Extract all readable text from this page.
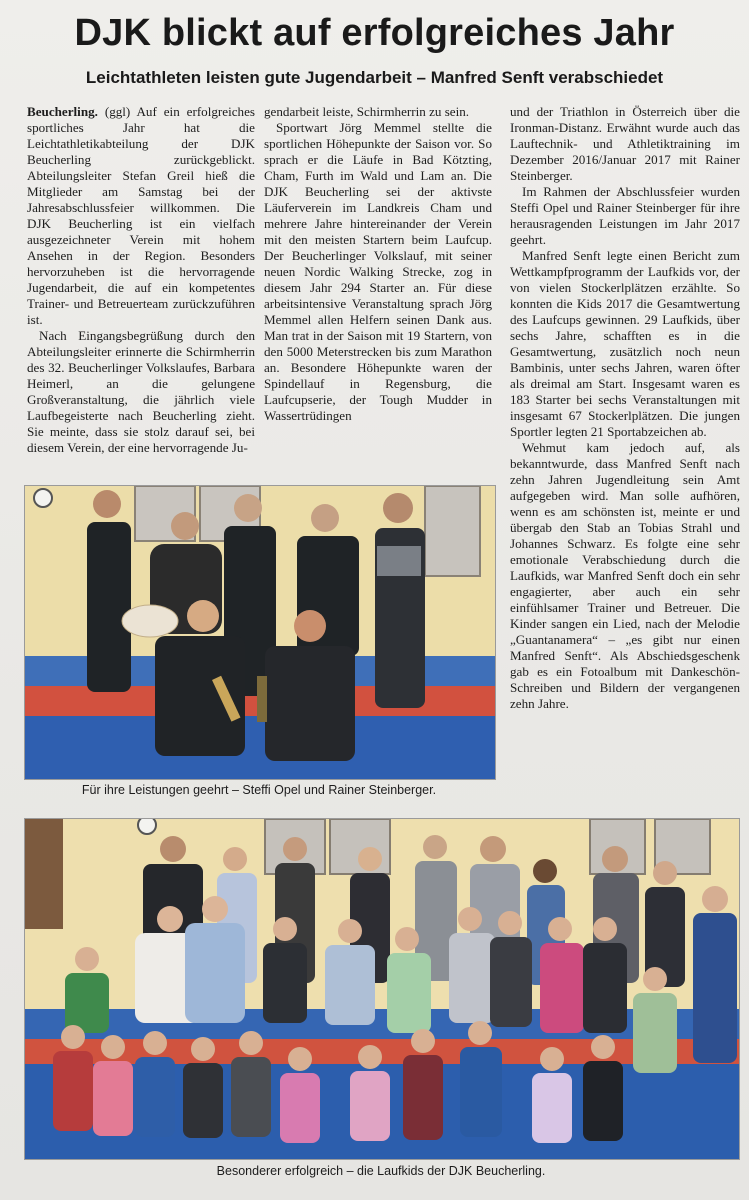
DJK blickt auf erfolgreiches Jahr
Leichtathleten leisten gute Jugendarbeit – Manfred Senft verabschiedet

Beucherling. (ggl) Auf ein erfolgreiches sportliches Jahr hat die Leichtathletikabteilung der DJK Beucherling zurückgeblickt. Abteilungsleiter Stefan Greil hieß die Mitglieder am Samstag bei der Jahresabschlussfeier willkommen. Die DJK Beucherling ist ein vielfach ausgezeichneter Verein mit hohem Ansehen in der Region. Besonders hervorzuheben ist die hervorragende Jugendarbeit, die auf ein kompetentes Trainer- und Betreuerteam zurückzuführen ist.

Nach Eingangsbegrüßung durch den Abteilungsleiter erinnerte die Schirmherrin des 32. Beucherlinger Volkslaufes, Barbara Heimerl, an die gelungene Großveranstaltung, die jährlich viele Laufbegeisterte nach Beucherling zieht. Sie meinte, dass sie stolz darauf sei, bei diesem Verein, der eine hervorragende Ju-

gendarbeit leiste, Schirmherrin zu sein.

Sportwart Jörg Memmel stellte die sportlichen Höhepunkte der Saison vor. So sprach er die Läufe in Bad Kötzting, Cham, Furth im Wald und Lam an. Die DJK Beucherling sei der aktivste Läuferverein im Landkreis Cham und mehrere Jahre hintereinander der Verein mit den meisten Startern beim Laufcup. Der Beucherlinger Volkslauf, mit seiner neuen Nordic Walking Strecke, zog in diesem Jahr 294 Starter an. Für diese arbeitsintensive Veranstaltung sprach Jörg Memmel allen Helfern seinen Dank aus. Man trat in der Saison mit 19 Startern, von den 5000 Meterstrecken bis zum Marathon an. Besondere Höhepunkte waren der Spindellauf in Regensburg, die Laufcupserie, der Tough Mudder in Wassertrüdingen

und der Triathlon in Österreich über die Ironman-Distanz. Erwähnt wurde auch das Lauftechnik- und Athletiktraining im Dezember 2016/Januar 2017 mit Rainer Steinberger.

Im Rahmen der Abschlussfeier wurden Steffi Opel und Rainer Steinberger für ihre herausragenden Leistungen im Jahr 2017 geehrt.

Manfred Senft legte einen Bericht zum Wettkampfprogramm der Laufkids vor, der von vielen Stockerlplätzen erzählte. So konnten die Kids 2017 die Gesamtwertung des Laufcups gewinnen. 29 Laufkids, über sechs Jahre, schafften es in die Gesamtwertung, zusätzlich noch neun Bambinis, unter sechs Jahren, waren öfter als dreimal am Start. Insgesamt waren es 183 Starter bei sechs Veranstaltungen mit insgesamt 67 Stockerlplätzen. Die jungen Sportler legten 21 Sportabzeichen ab.

Wehmut kam jedoch auf, als bekanntwurde, dass Manfred Senft nach zehn Jahren Jugendleitung sein Amt aufgegeben wird. Man solle aufhören, wenn es am schönsten ist, meinte er und übergab den Stab an Tobias Strahl und Johannes Schwarz. Es folgte eine sehr emotionale Verabschiedung durch die Laufkids, war Manfred Senft doch ein sehr engagierter, aber auch ein sehr einfühlsamer Trainer und Betreuer. Die Kinder sangen ein Lied, nach der Melodie „Guantanamera“ – „es gibt nur einen Manfred Senft“. Als Abschiedsgeschenk gab es ein Fotoalbum mit Dankeschön-Schreiben und Bildern der vergangenen zehn Jahre.

Für ihre Leistungen geehrt – Steffi Opel und Rainer Steinberger.
Besonderer erfolgreich – die Laufkids der DJK Beucherling.
